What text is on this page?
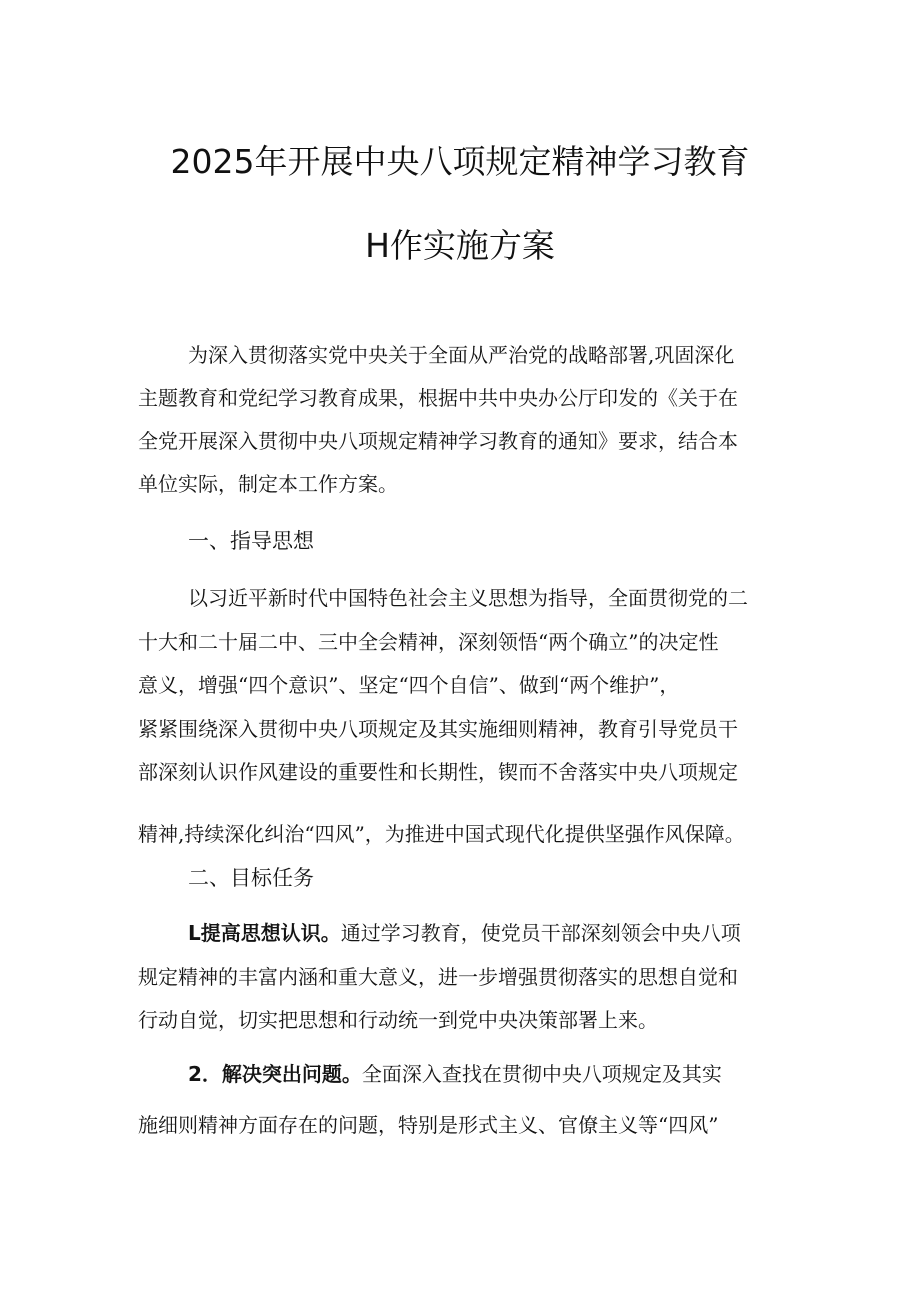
2025年开展中央八项规定精神学习教育
H作实施方案
为深入贯彻落实党中央关于全面从严治党的战略部署,巩固深化
主题教育和党纪学习教育成果，根据中共中央办公厅印发的《关于在
全党开展深入贯彻中央八项规定精神学习教育的通知》要求，结合本
单位实际，制定本工作方案。
一、指导思想
以习近平新时代中国特色社会主义思想为指导，全面贯彻党的二
十大和二十届二中、三中全会精神，深刻领悟“两个确立”的决定性
意义，增强“四个意识”、坚定“四个自信”、做到“两个维护”，
紧紧围绕深入贯彻中央八项规定及其实施细则精神，教育引导党员干
部深刻认识作风建设的重要性和长期性，锲而不舍落实中央八项规定
精神,持续深化纠治“四风”，为推进中国式现代化提供坚强作风保障。
二、目标任务
L提高思想认识。通过学习教育，使党员干部深刻领会中央八项
规定精神的丰富内涵和重大意义，进一步增强贯彻落实的思想自觉和
行动自觉，切实把思想和行动统一到党中央决策部署上来。
2．解决突出问题。全面深入查找在贯彻中央八项规定及其实
施细则精神方面存在的问题，特别是形式主义、官僚主义等“四风”
